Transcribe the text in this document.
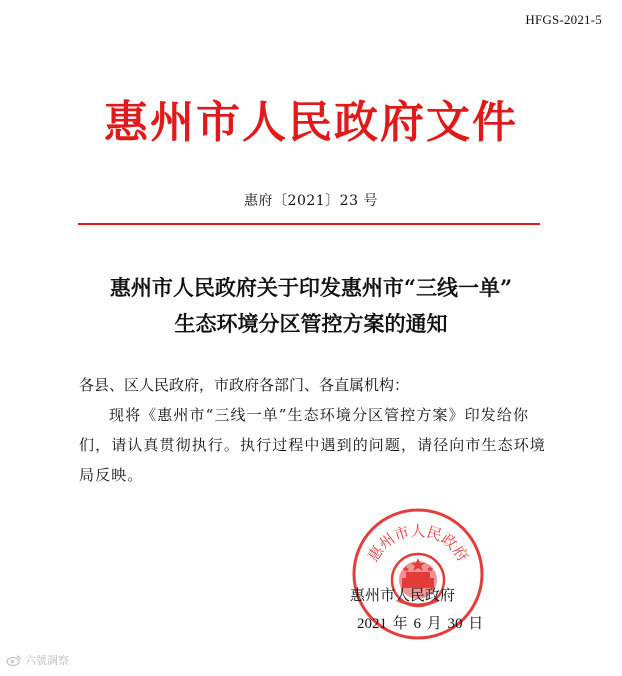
HFGS-2021-5
惠州市人民政府文件
惠府〔2021〕23 号
惠州市人民政府关于印发惠州市“三线一单”
生态环境分区管控方案的通知
各县、区人民政府，市政府各部门、各直属机构：
现将《惠州市“三线一单”生态环境分区管控方案》印发给你们，请认真贯彻执行。执行过程中遇到的问题，请径向市生态环境局反映。
惠州市人民政府
惠州市人民政府
2021 年 6 月 30 日
六號調察
